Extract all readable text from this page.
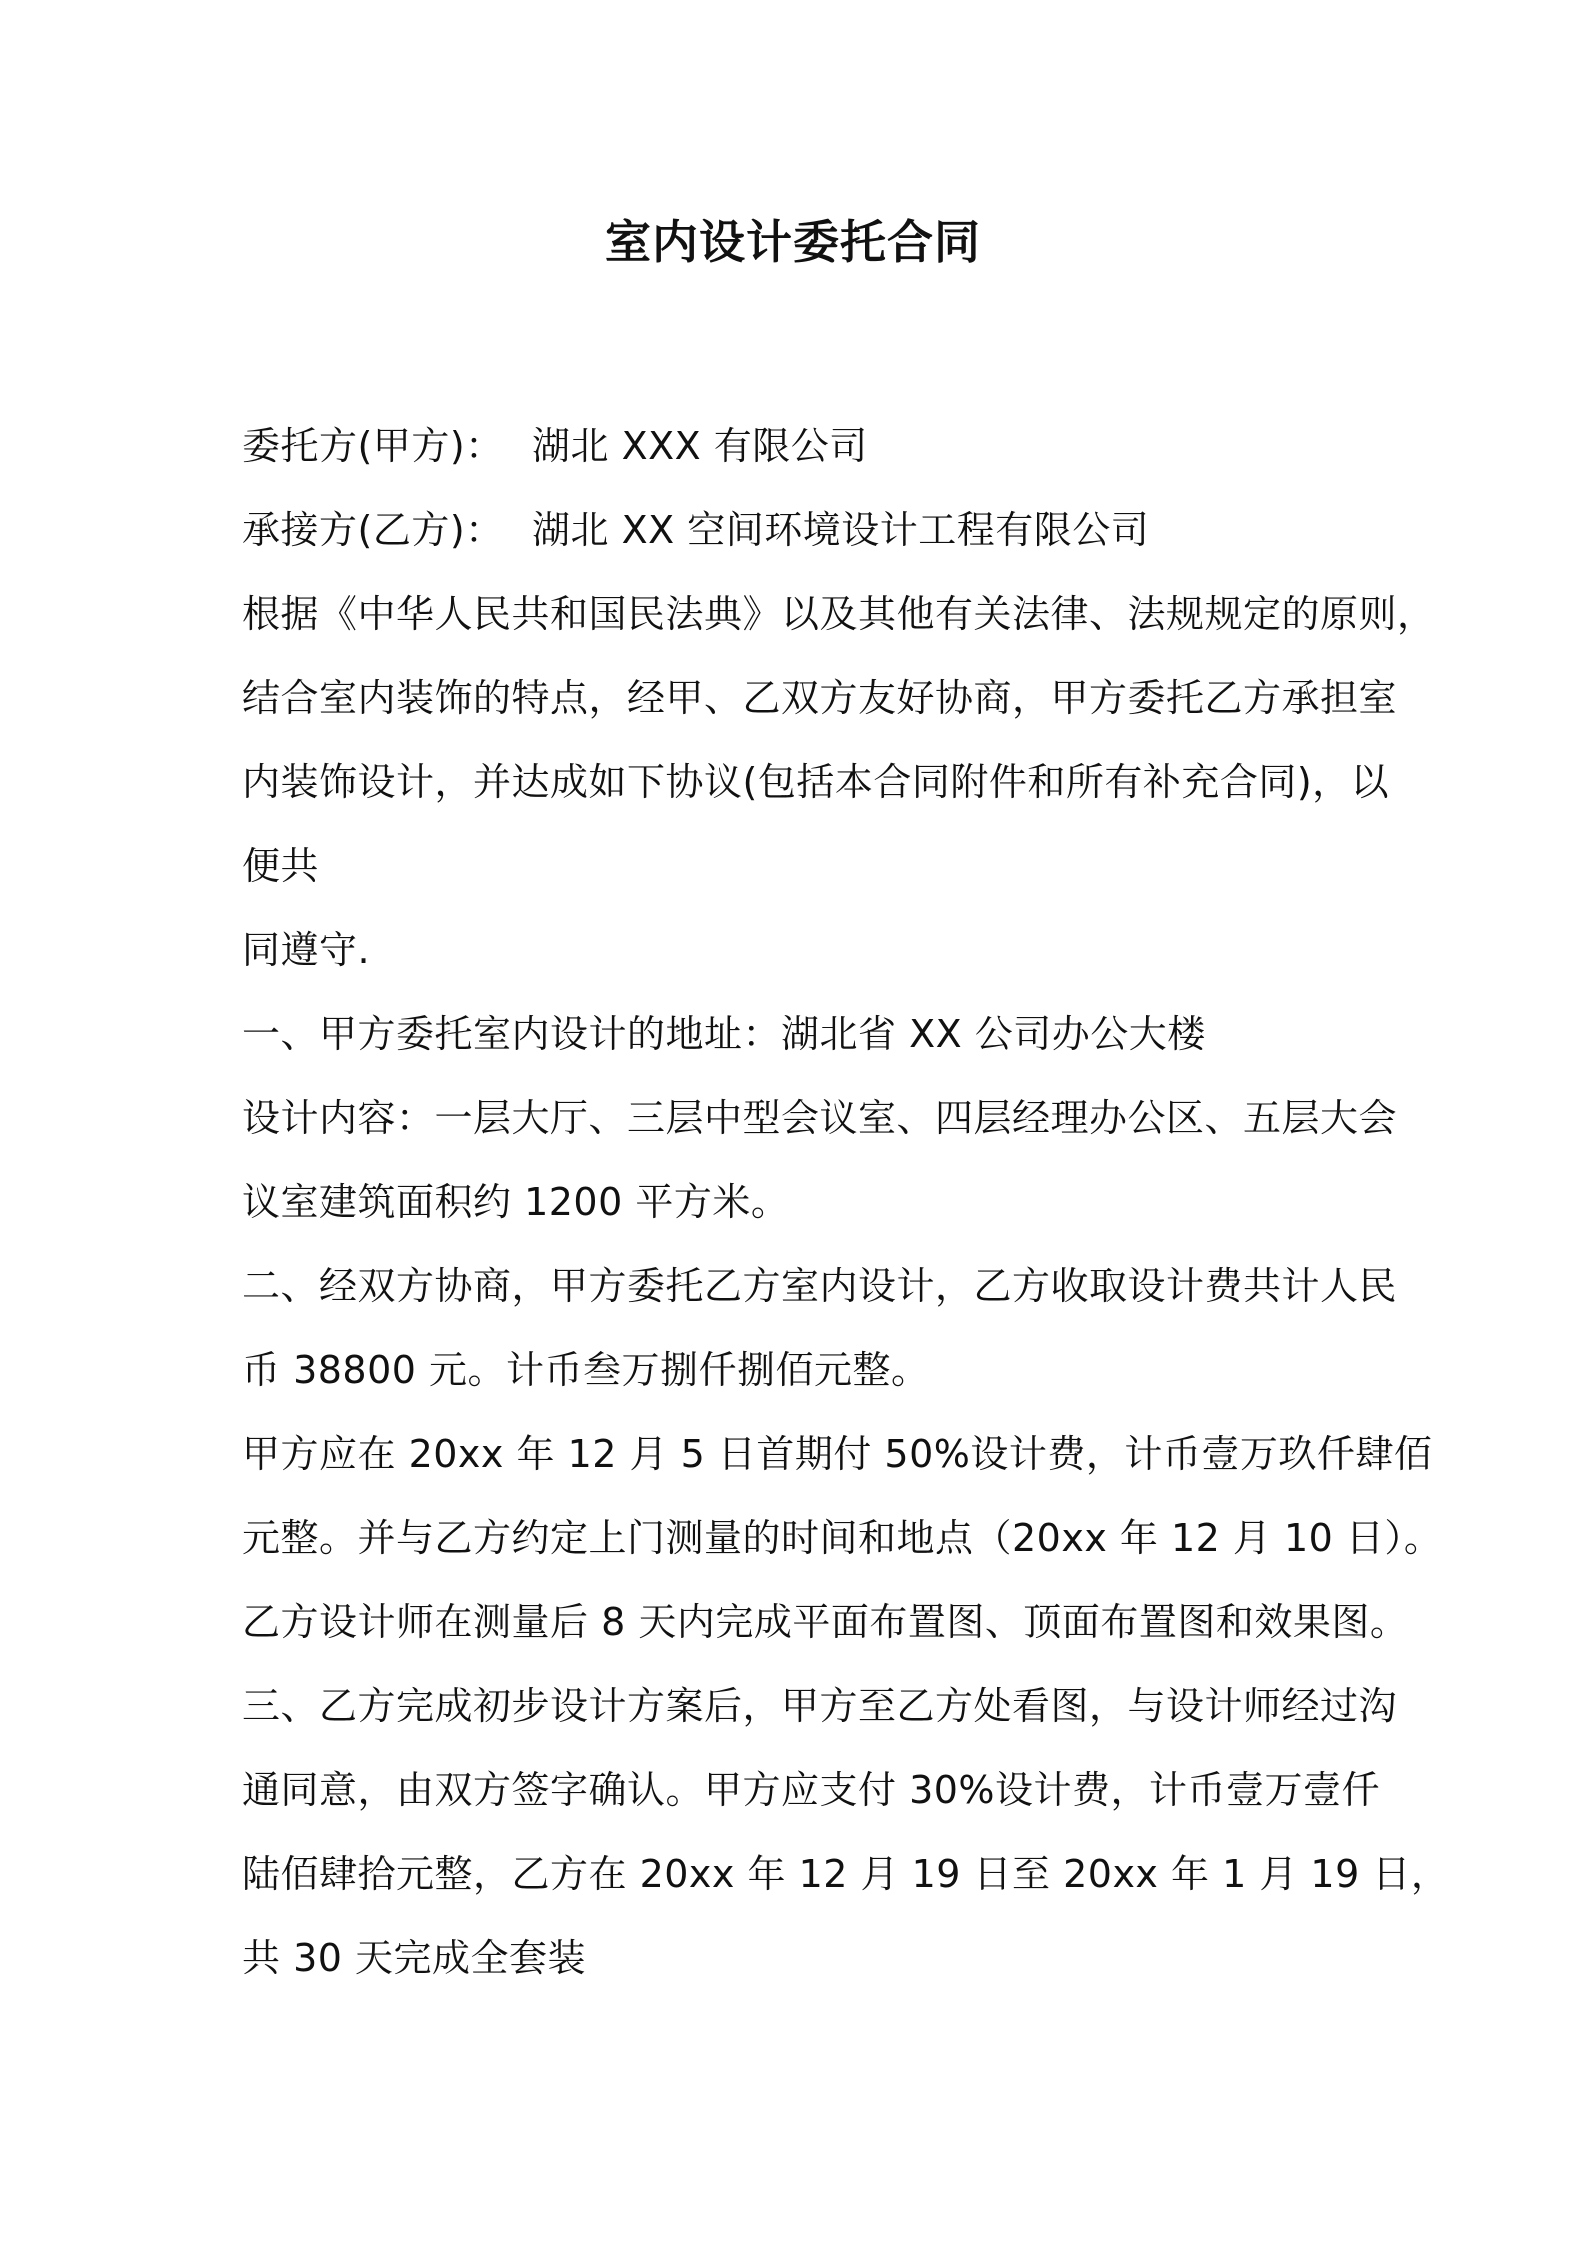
室内设计委托合同
委托方(甲方)： 湖北 XXX 有限公司
承接方(乙方)： 湖北 XX 空间环境设计工程有限公司
根据《中华人民共和国民法典》以及其他有关法律、法规规定的原则，
结合室内装饰的特点，经甲、乙双方友好协商，甲方委托乙方承担室
内装饰设计，并达成如下协议(包括本合同附件和所有补充合同)，以
便共
同遵守.
一、甲方委托室内设计的地址：湖北省 XX 公司办公大楼
设计内容：一层大厅、三层中型会议室、四层经理办公区、五层大会
议室建筑面积约 1200 平方米。
二、经双方协商，甲方委托乙方室内设计，乙方收取设计费共计人民
币 38800 元。计币叁万捌仟捌佰元整。
甲方应在 20xx 年 12 月 5 日首期付 50%设计费，计币壹万玖仟肆佰
元整。并与乙方约定上门测量的时间和地点（20xx 年 12 月 10 日）。
乙方设计师在测量后 8 天内完成平面布置图、顶面布置图和效果图。
三、乙方完成初步设计方案后，甲方至乙方处看图，与设计师经过沟
通同意，由双方签字确认。甲方应支付 30%设计费，计币壹万壹仟
陆佰肆拾元整，乙方在 20xx 年 12 月 19 日至 20xx 年 1 月 19 日，
共 30 天完成全套装
